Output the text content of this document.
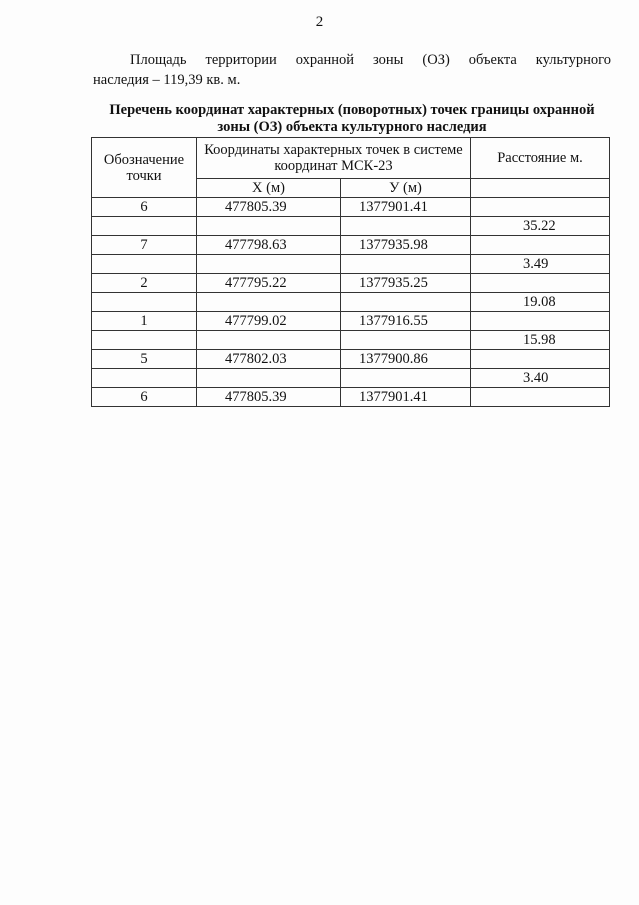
2

Площадь территории охранной зоны (ОЗ) объекта культурного
наследия – 119,39 кв. м.

Перечень координат характерных (поворотных) точек границы охранной зоны (ОЗ) объекта культурного наследия

Обозначение точки	Координаты характерных точек в системе координат МСК-23		Расстояние м.
	X (м)	У (м)	
6	477805.39	1377901.41	
			35.22
7	477798.63	1377935.98	
			3.49
2	477795.22	1377935.25	
			19.08
1	477799.02	1377916.55	
			15.98
5	477802.03	1377900.86	
			3.40
6	477805.39	1377901.41	
